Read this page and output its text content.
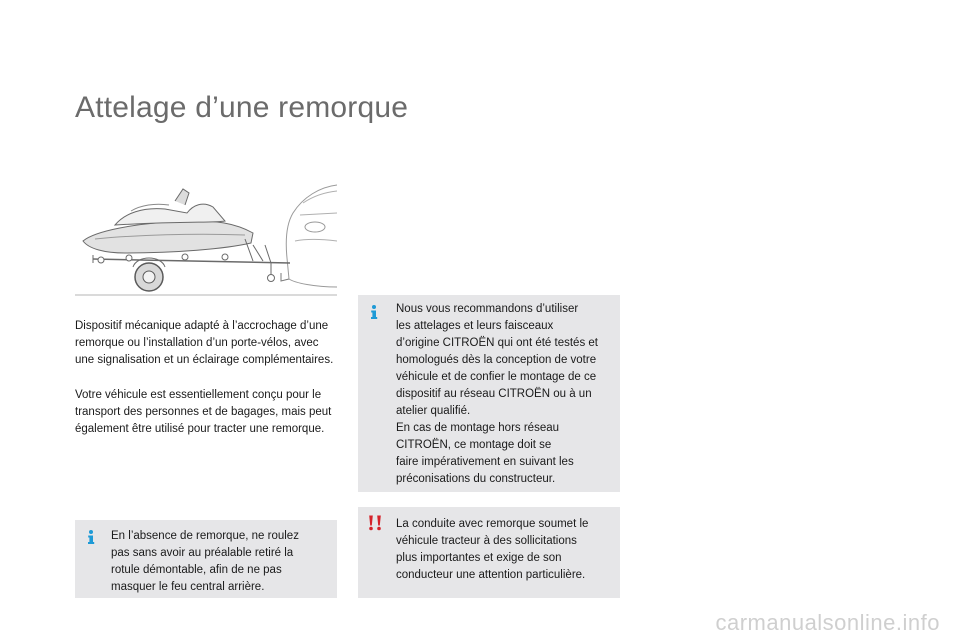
Attelage d’une remorque

Dispositif mécanique adapté à l’accrochage d’une remorque ou l’installation d’un porte-vélos, avec une signalisation et un éclairage complémentaires.

Votre véhicule est essentiellement conçu pour le transport des personnes et de bagages, mais peut également être utilisé pour tracter une remorque.

Nous vous recommandons d’utiliser
les attelages et leurs faisceaux
d’origine CITROËN qui ont été testés et
homologués dès la conception de votre
véhicule et de confier le montage de ce
dispositif au réseau CITROËN ou à un
atelier qualifié.
En cas de montage hors réseau
CITROËN, ce montage doit se
faire impérativement en suivant les
préconisations du constructeur.
En l’absence de remorque, ne roulez
pas sans avoir au préalable retiré la
rotule démontable, afin de ne pas
masquer le feu central arrière.
La conduite avec remorque soumet le
véhicule tracteur à des sollicitations
plus importantes et exige de son
conducteur une attention particulière.
carmanualsonline.info
